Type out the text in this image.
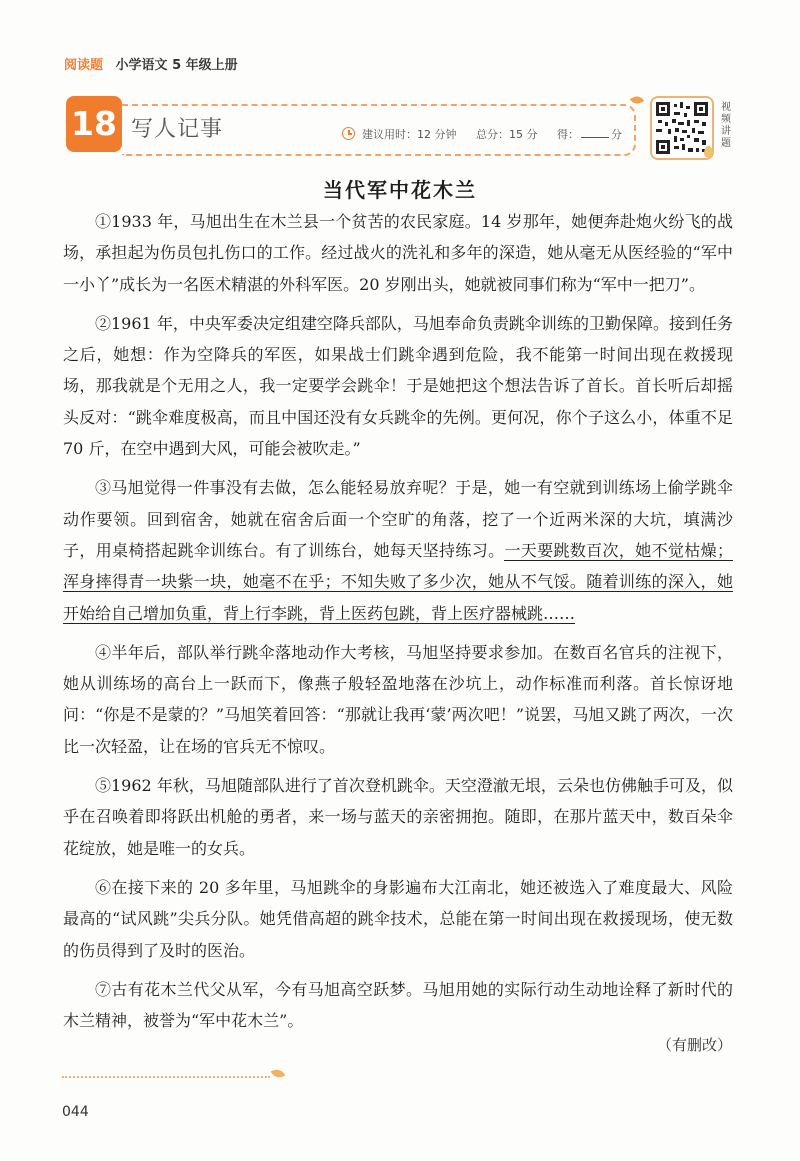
阅读题 小学语文 5 年级上册
18 写人记事	建议用时：12 分钟 总分：15 分 得：	分
视频讲题
当代军中花木兰

①1933 年，马旭出生在木兰县一个贫苦的农民家庭。14 岁那年，她便奔赴炮火纷飞的战场，承担起为伤员包扎伤口的工作。经过战火的洗礼和多年的深造，她从毫无从医经验的“军中一小丫”成长为一名医术精湛的外科军医。20 岁刚出头，她就被同事们称为“军中一把刀”。

②1961 年，中央军委决定组建空降兵部队，马旭奉命负责跳伞训练的卫勤保障。接到任务之后，她想：作为空降兵的军医，如果战士们跳伞遇到危险，我不能第一时间出现在救援现场，那我就是个无用之人，我一定要学会跳伞！于是她把这个想法告诉了首长。首长听后却摇头反对：“跳伞难度极高，而且中国还没有女兵跳伞的先例。更何况，你个子这么小，体重不足 70 斤，在空中遇到大风，可能会被吹走。”

③马旭觉得一件事没有去做，怎么能轻易放弃呢？于是，她一有空就到训练场上偷学跳伞动作要领。回到宿舍，她就在宿舍后面一个空旷的角落，挖了一个近两米深的大坑，填满沙子，用桌椅搭起跳伞训练台。有了训练台，她每天坚持练习。一天要跳数百次，她不觉枯燥；浑身摔得青一块紫一块，她毫不在乎；不知失败了多少次，她从不气馁。随着训练的深入，她开始给自己增加负重，背上行李跳，背上医药包跳，背上医疗器械跳……

④半年后，部队举行跳伞落地动作大考核，马旭坚持要求参加。在数百名官兵的注视下，她从训练场的高台上一跃而下，像燕子般轻盈地落在沙坑上，动作标准而利落。首长惊讶地问：“你是不是蒙的？”马旭笑着回答：“那就让我再‘蒙’两次吧！”说罢，马旭又跳了两次，一次比一次轻盈，让在场的官兵无不惊叹。

⑤1962 年秋，马旭随部队进行了首次登机跳伞。天空澄澈无垠，云朵也仿佛触手可及，似乎在召唤着即将跃出机舱的勇者，来一场与蓝天的亲密拥抱。随即，在那片蓝天中，数百朵伞花绽放，她是唯一的女兵。

⑥在接下来的 20 多年里，马旭跳伞的身影遍布大江南北，她还被选入了难度最大、风险最高的“试风跳”尖兵分队。她凭借高超的跳伞技术，总能在第一时间出现在救援现场，使无数的伤员得到了及时的医治。

⑦古有花木兰代父从军，今有马旭高空跃梦。马旭用她的实际行动生动地诠释了新时代的木兰精神，被誉为“军中花木兰”。

（有删改）
044
